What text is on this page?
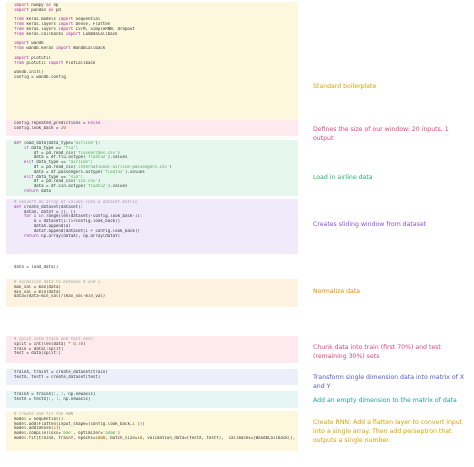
import numpy as np
import pandas as pd
from keras.models import Sequential
from keras.layers import Dense, Flatten
from keras.layers import LSTM, SimpleRNN, Dropout
from keras.callbacks import LambdaCallback
import wandb
from wandb.keras import WandbCallback
import plotutil
from plotutil import PlotCallback
wandb.init()
config = wandb.config
config.repeated_predictions = False
config.look_back = 20
def load_data(data_type="airline"):
if data_type == "flu":
df = pd.read_csv('flusearches.csv')
data = df.flu.astype('float32').values
elif data_type == "airline":
df = pd.read_csv('international-airline-passengers.csv')
data = df.passengers.astype('float32').values
elif data_type == "sin":
df = pd.read_csv('sin.csv')
data = df.sin.astype('float32').values
return data
# convert an array of values into a dataset matrix
def create_dataset(dataset):
dataX, dataY = [], []
for i in range(len(dataset)-config.look_back-1):
a = dataset[i:(i+config.look_back)]
dataX.append(a)
dataY.append(dataset[i + config.look_back])
return np.array(dataX), np.array(dataY)
data = load_data()
# normalize data to between 0 and 1
max_val = max(data)
min_val = min(data)
data=(data-min_val)/(max_val-min_val)
# split into train and test sets
split = int(len(data) * 0.70)
train = data[:split]
test = data[split:]
trainX, trainY = create_dataset(train)
testX, testY = create_dataset(test)
trainX = trainX[:, :, np.newaxis]
testX = testX[:, :, np.newaxis]
# create and fit the RNN
model = Sequential()
model.add(Flatten(input_shape=(config.look_back,1 )))
model.add(Dense(1))
model.compile(loss='mae', optimizer='adam')
model.fit(trainX, trainY, epochs=1000, batch_size=10, validation_data=(testX, testY), callbacks=[WandbCallback(),
Standard boilerplate
Defines the size of our window: 20 inputs, 1 output
Load in airline data
Creates sliding window from dataset
Normalize data
Chunk data into train (first 70%) and test (remaining 30%) sets
Transform single dimension data into matrix of X and Y
Add an empty dimension to the matrix of data
Create RNN: Add a flatten layer to convert input into a single array. Then add perseptron that outputs a single number.
